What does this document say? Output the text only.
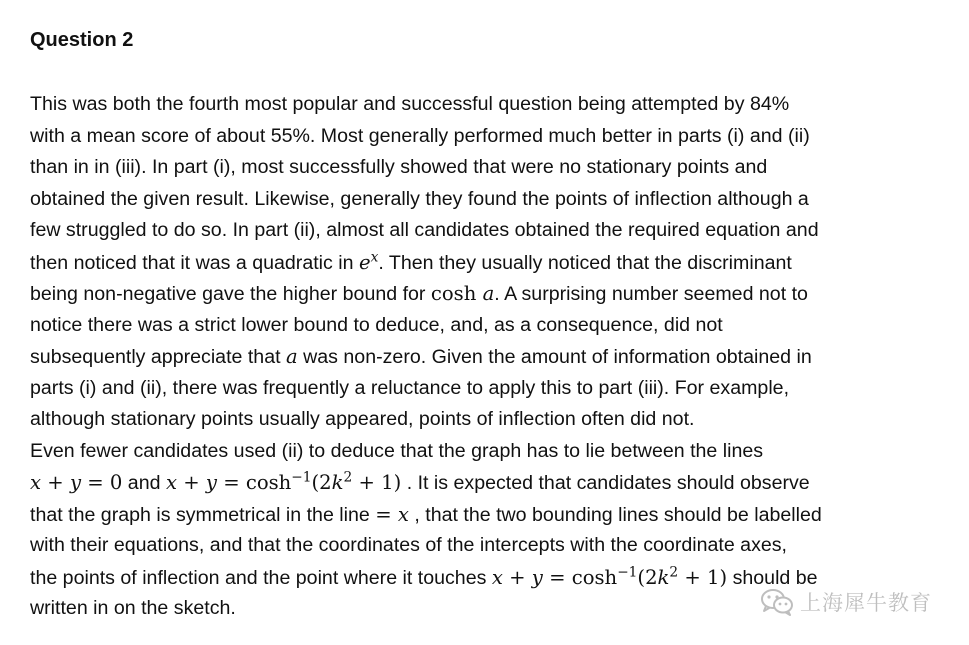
Question 2
This was both the fourth most popular and successful question being attempted by 84%
with a mean score of about 55%. Most generally performed much better in parts (i) and (ii)
than in in (iii). In part (i), most successfully showed that were no stationary points and
obtained the given result. Likewise, generally they found the points of inflection although a
few struggled to do so. In part (ii), almost all candidates obtained the required equation and
then noticed that it was a quadratic in $e^x$. Then they usually noticed that the discriminant
being non-negative gave the higher bound for cosh a. A surprising number seemed not to
notice there was a strict lower bound to deduce, and, as a consequence, did not
subsequently appreciate that a was non-zero. Given the amount of information obtained in
parts (i) and (ii), there was frequently a reluctance to apply this to part (iii). For example,
although stationary points usually appeared, points of inflection often did not.
Even fewer candidates used (ii) to deduce that the graph has to lie between the lines
x + y = 0 and $x + y = \cosh^{-1}(2k^2 + 1)$ . It is expected that candidates should observe
that the graph is symmetrical in the line = x , that the two bounding lines should be labelled
with their equations, and that the coordinates of the intercepts with the coordinate axes,
the points of inflection and the point where it touches $x + y = \cosh^{-1}(2k^2 + 1)$ should be
written in on the sketch.	上海犀牛教育
